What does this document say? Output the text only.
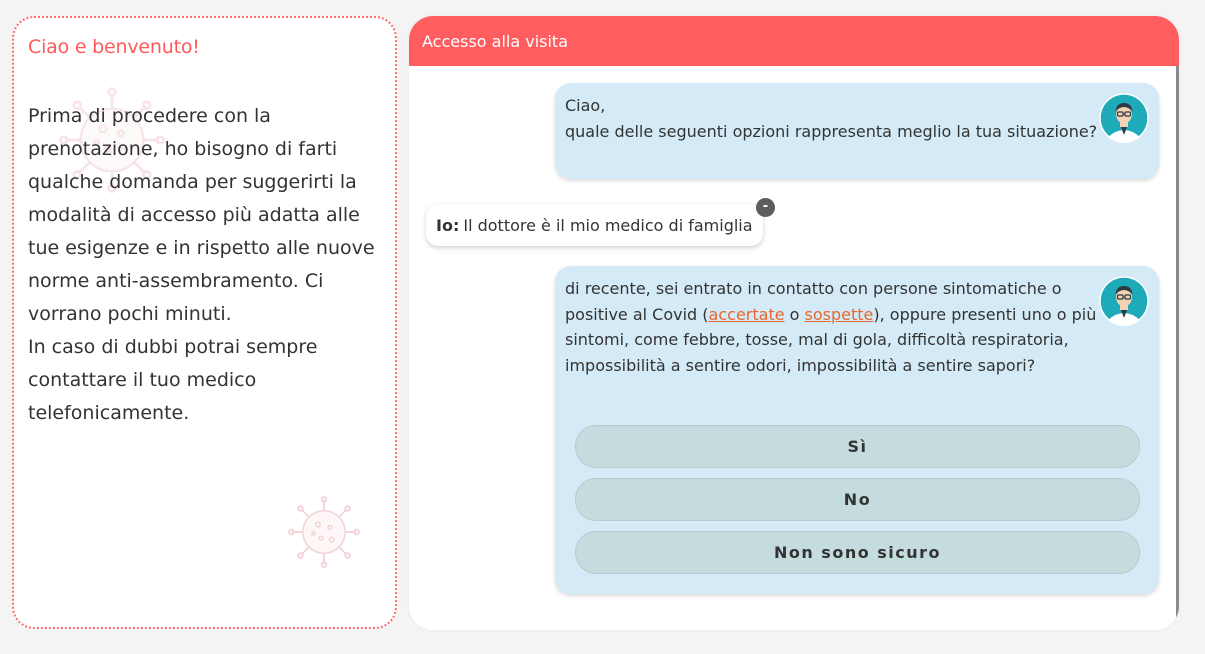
Ciao e benvenuto!

Prima di procedere con la prenotazione, ho bisogno di farti qualche domanda per suggerirti la modalità di accesso più adatta alle tue esigenze e in rispetto alle nuove norme anti-assembramento. Ci vorrano pochi minuti.
In caso di dubbi potrai sempre contattare il tuo medico telefonicamente.

Accesso alla visita
Ciao,
quale delle seguenti opzioni rappresenta meglio la tua situazione?
Io: Il dottore è il mio medico di famiglia
-
di recente, sei entrato in contatto con persone sintomatiche o positive al Covid (accertate o sospette), oppure presenti uno o più sintomi, come febbre, tosse, mal di gola, difficoltà respiratoria, impossibilità a sentire odori, impossibilità a sentire sapori?
Sì
No
Non sono sicuro
